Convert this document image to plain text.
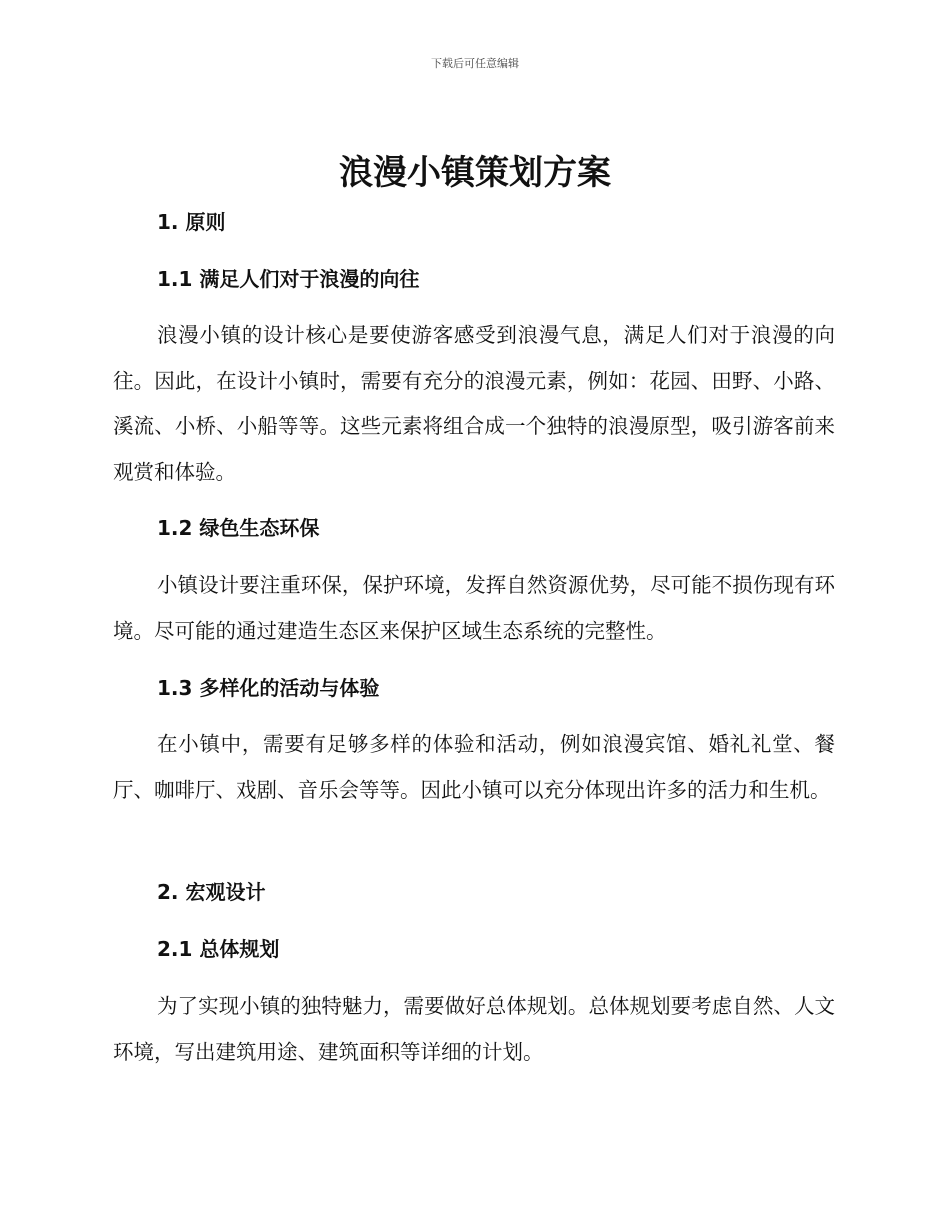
下载后可任意编辑
浪漫小镇策划方案
1. 原则
1.1 满足人们对于浪漫的向往

浪漫小镇的设计核心是要使游客感受到浪漫气息，满足人们对于浪漫的向往。因此，在设计小镇时，需要有充分的浪漫元素，例如：花园、田野、小路、溪流、小桥、小船等等。这些元素将组合成一个独特的浪漫原型，吸引游客前来观赏和体验。

1.2 绿色生态环保

小镇设计要注重环保，保护环境，发挥自然资源优势，尽可能不损伤现有环境。尽可能的通过建造生态区来保护区域生态系统的完整性。

1.3 多样化的活动与体验

在小镇中，需要有足够多样的体验和活动，例如浪漫宾馆、婚礼礼堂、餐厅、咖啡厅、戏剧、音乐会等等。因此小镇可以充分体现出许多的活力和生机。

2. 宏观设计
2.1 总体规划

为了实现小镇的独特魅力，需要做好总体规划。总体规划要考虑自然、人文环境，写出建筑用途、建筑面积等详细的计划。
